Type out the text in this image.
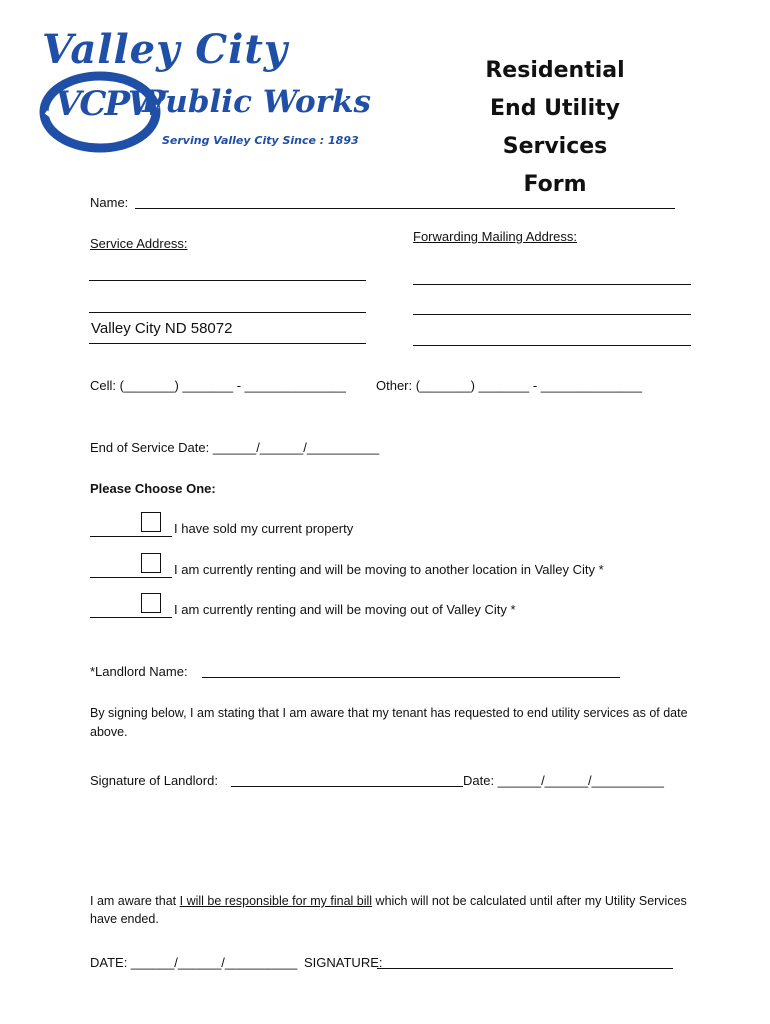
Valley City
Public Works
VCPW
Serving Valley City Since : 1893
Residential
End Utility Services
Form
Name:
Service Address:	Forwarding Mailing Address:
Valley City ND 58072
Cell: (_______) _______ - ______________ Other: (_______) _______ - ______________
End of Service Date: ______/______/__________
Please Choose One:
I have sold my current property
I am currently renting and will be moving to another location in Valley City *
I am currently renting and will be moving out of Valley City *
*Landlord Name:
By signing below, I am stating that I am aware that my tenant has requested to end utility services as of date above.
Signature of Landlord:	Date: ______/______/__________
I am aware that I will be responsible for my final bill which will not be calculated until after my Utility Services have ended.
DATE: ______/______/__________ SIGNATURE:
